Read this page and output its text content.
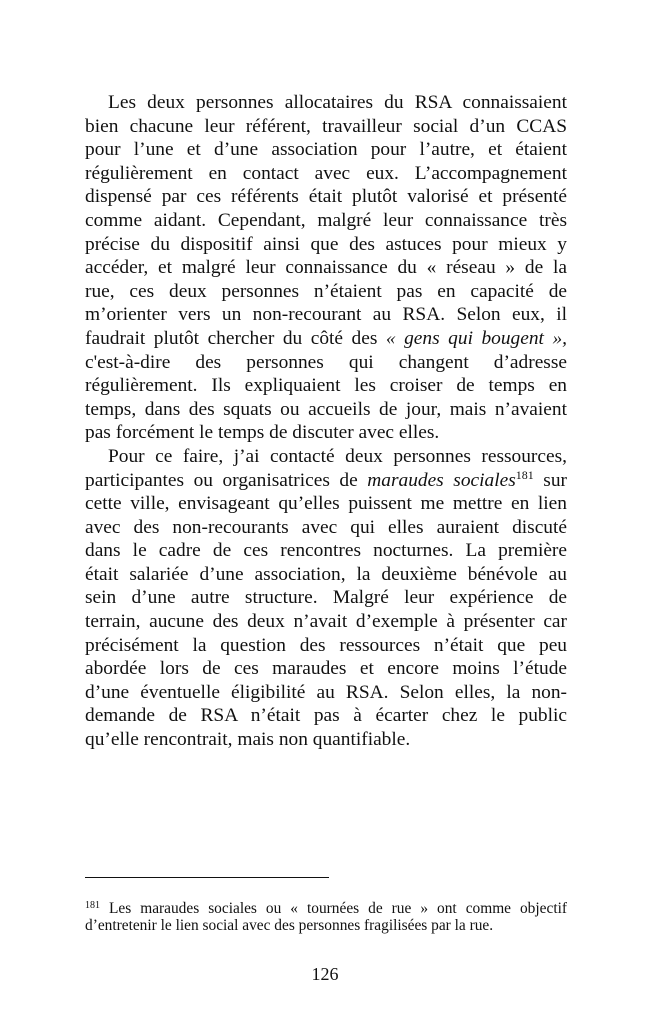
Les deux personnes allocataires du RSA connaissaient
bien chacune leur référent, travailleur social d’un CCAS
pour l’une et d’une association pour l’autre, et étaient
régulièrement en contact avec eux. L’accompagnement
dispensé par ces référents était plutôt valorisé et présenté
comme aidant. Cependant, malgré leur connaissance très
précise du dispositif ainsi que des astuces pour mieux y
accéder, et malgré leur connaissance du « réseau » de la
rue, ces deux personnes n’étaient pas en capacité de
m’orienter vers un non-recourant au RSA. Selon eux, il
faudrait plutôt chercher du côté des « gens qui bougent »,
c'est-à-dire des personnes qui changent d’adresse
régulièrement. Ils expliquaient les croiser de temps en
temps, dans des squats ou accueils de jour, mais n’avaient
pas forcément le temps de discuter avec elles.
Pour ce faire, j’ai contacté deux personnes ressources,
participantes ou organisatrices de maraudes sociales$^{181}$ sur
cette ville, envisageant qu’elles puissent me mettre en lien
avec des non-recourants avec qui elles auraient discuté
dans le cadre de ces rencontres nocturnes. La première
était salariée d’une association, la deuxième bénévole au
sein d’une autre structure. Malgré leur expérience de
terrain, aucune des deux n’avait d’exemple à présenter car
précisément la question des ressources n’était que peu
abordée lors de ces maraudes et encore moins l’étude
d’une éventuelle éligibilité au RSA. Selon elles, la non-
demande de RSA n’était pas à écarter chez le public
qu’elle rencontrait, mais non quantifiable.
$^{181}$ Les maraudes sociales ou « tournées de rue » ont comme objectif
d’entretenir le lien social avec des personnes fragilisées par la rue.
126
